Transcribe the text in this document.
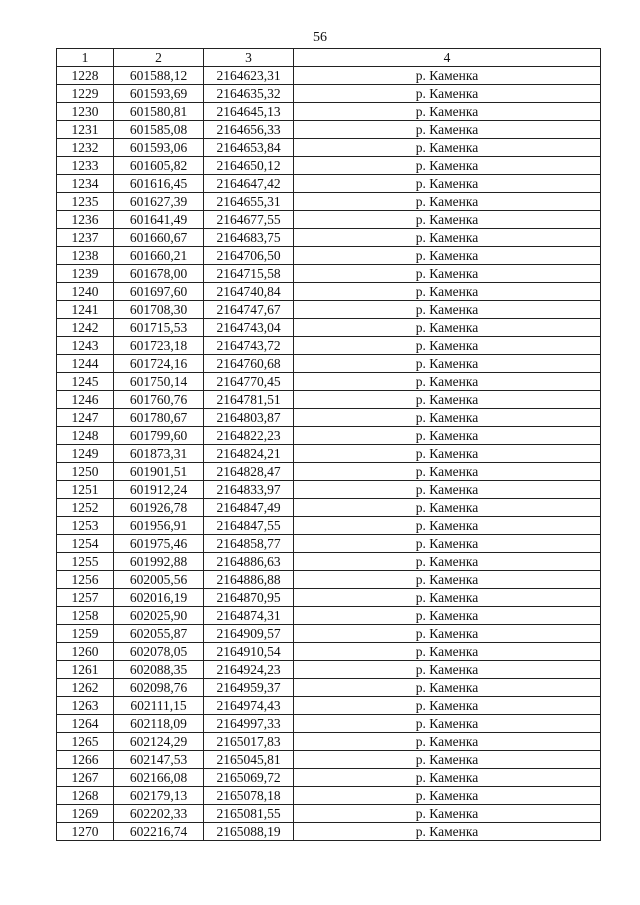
56
1	2	3	4
1228	601588,12	2164623,31	р. Каменка
1229	601593,69	2164635,32	р. Каменка
1230	601580,81	2164645,13	р. Каменка
1231	601585,08	2164656,33	р. Каменка
1232	601593,06	2164653,84	р. Каменка
1233	601605,82	2164650,12	р. Каменка
1234	601616,45	2164647,42	р. Каменка
1235	601627,39	2164655,31	р. Каменка
1236	601641,49	2164677,55	р. Каменка
1237	601660,67	2164683,75	р. Каменка
1238	601660,21	2164706,50	р. Каменка
1239	601678,00	2164715,58	р. Каменка
1240	601697,60	2164740,84	р. Каменка
1241	601708,30	2164747,67	р. Каменка
1242	601715,53	2164743,04	р. Каменка
1243	601723,18	2164743,72	р. Каменка
1244	601724,16	2164760,68	р. Каменка
1245	601750,14	2164770,45	р. Каменка
1246	601760,76	2164781,51	р. Каменка
1247	601780,67	2164803,87	р. Каменка
1248	601799,60	2164822,23	р. Каменка
1249	601873,31	2164824,21	р. Каменка
1250	601901,51	2164828,47	р. Каменка
1251	601912,24	2164833,97	р. Каменка
1252	601926,78	2164847,49	р. Каменка
1253	601956,91	2164847,55	р. Каменка
1254	601975,46	2164858,77	р. Каменка
1255	601992,88	2164886,63	р. Каменка
1256	602005,56	2164886,88	р. Каменка
1257	602016,19	2164870,95	р. Каменка
1258	602025,90	2164874,31	р. Каменка
1259	602055,87	2164909,57	р. Каменка
1260	602078,05	2164910,54	р. Каменка
1261	602088,35	2164924,23	р. Каменка
1262	602098,76	2164959,37	р. Каменка
1263	602111,15	2164974,43	р. Каменка
1264	602118,09	2164997,33	р. Каменка
1265	602124,29	2165017,83	р. Каменка
1266	602147,53	2165045,81	р. Каменка
1267	602166,08	2165069,72	р. Каменка
1268	602179,13	2165078,18	р. Каменка
1269	602202,33	2165081,55	р. Каменка
1270	602216,74	2165088,19	р. Каменка
